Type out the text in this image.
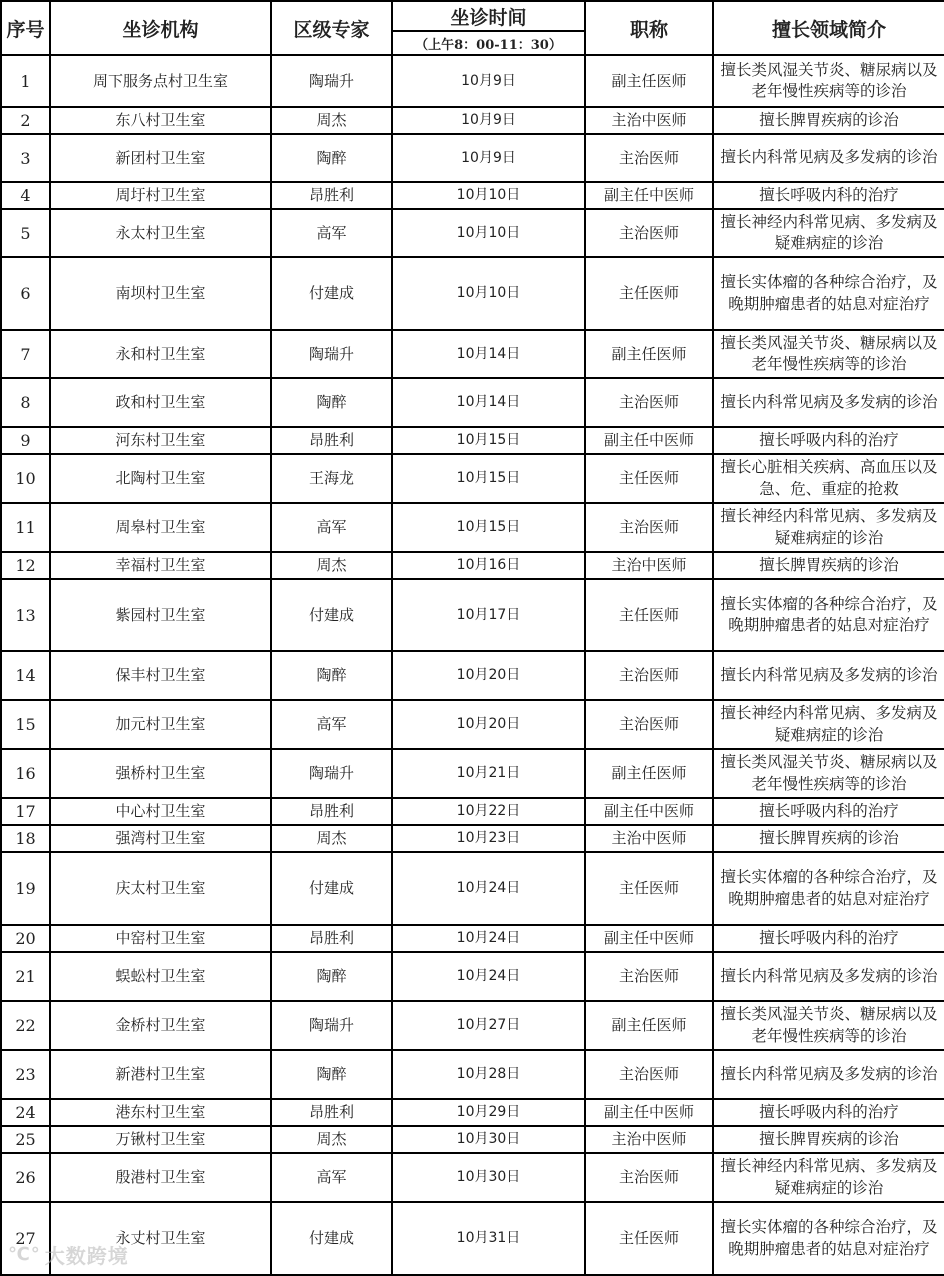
序号	坐诊机构	区级专家	坐诊时间	职称	擅长领域简介
			（上午8：00-11：30）		
1	周下服务点村卫生室	陶瑞升	10月9日	副主任医师	擅长类风湿关节炎、糖尿病以及老年慢性疾病等的诊治
2	东八村卫生室	周杰	10月9日	主治中医师	擅长脾胃疾病的诊治
3	新团村卫生室	陶醉	10月9日	主治医师	擅长内科常见病及多发病的诊治
4	周圩村卫生室	昂胜利	10月10日	副主任中医师	擅长呼吸内科的治疗
5	永太村卫生室	高军	10月10日	主治医师	擅长神经内科常见病、多发病及疑难病症的诊治
6	南坝村卫生室	付建成	10月10日	主任医师	擅长实体瘤的各种综合治疗，及晚期肿瘤患者的姑息对症治疗
7	永和村卫生室	陶瑞升	10月14日	副主任医师	擅长类风湿关节炎、糖尿病以及老年慢性疾病等的诊治
8	政和村卫生室	陶醉	10月14日	主治医师	擅长内科常见病及多发病的诊治
9	河东村卫生室	昂胜利	10月15日	副主任中医师	擅长呼吸内科的治疗
10	北陶村卫生室	王海龙	10月15日	主任医师	擅长心脏相关疾病、高血压以及急、危、重症的抢救
11	周皋村卫生室	高军	10月15日	主治医师	擅长神经内科常见病、多发病及疑难病症的诊治
12	幸福村卫生室	周杰	10月16日	主治中医师	擅长脾胃疾病的诊治
13	紫园村卫生室	付建成	10月17日	主任医师	擅长实体瘤的各种综合治疗，及晚期肿瘤患者的姑息对症治疗
14	保丰村卫生室	陶醉	10月20日	主治医师	擅长内科常见病及多发病的诊治
15	加元村卫生室	高军	10月20日	主治医师	擅长神经内科常见病、多发病及疑难病症的诊治
16	强桥村卫生室	陶瑞升	10月21日	副主任医师	擅长类风湿关节炎、糖尿病以及老年慢性疾病等的诊治
17	中心村卫生室	昂胜利	10月22日	副主任中医师	擅长呼吸内科的治疗
18	强湾村卫生室	周杰	10月23日	主治中医师	擅长脾胃疾病的诊治
19	庆太村卫生室	付建成	10月24日	主任医师	擅长实体瘤的各种综合治疗，及晚期肿瘤患者的姑息对症治疗
20	中窑村卫生室	昂胜利	10月24日	副主任中医师	擅长呼吸内科的治疗
21	蜈蚣村卫生室	陶醉	10月24日	主治医师	擅长内科常见病及多发病的诊治
22	金桥村卫生室	陶瑞升	10月27日	副主任医师	擅长类风湿关节炎、糖尿病以及老年慢性疾病等的诊治
23	新港村卫生室	陶醉	10月28日	主治医师	擅长内科常见病及多发病的诊治
24	港东村卫生室	昂胜利	10月29日	副主任中医师	擅长呼吸内科的治疗
25	万锹村卫生室	周杰	10月30日	主治中医师	擅长脾胃疾病的诊治
26	殷港村卫生室	高军	10月30日	主治医师	擅长神经内科常见病、多发病及疑难病症的诊治
27	永丈村卫生室	付建成	10月31日	主任医师	擅长实体瘤的各种综合治疗，及晚期肿瘤患者的姑息对症治疗
℃° 大数跨境
